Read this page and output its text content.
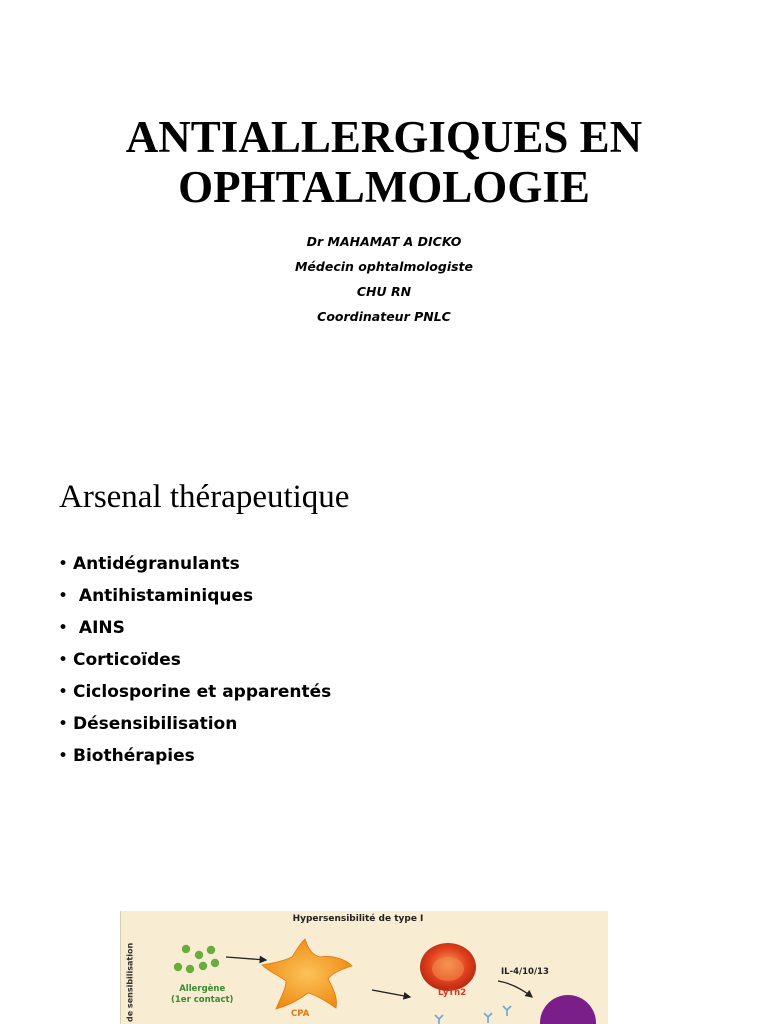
ANTIALLERGIQUES EN
OPHTALMOLOGIE
Dr MAHAMAT A DICKO
Médecin ophtalmologiste
CHU RN
Coordinateur PNLC
Arsenal thérapeutique
• Antidégranulants
• Antihistaminiques
• AINS
• Corticoïdes
• Ciclosporine et apparentés
• Désensibilisation
• Biothérapies
de sensibilisation
Hypersensibilité de type I
Allergène
(1er contact)
CPA
LyTh2
IL-4/10/13
